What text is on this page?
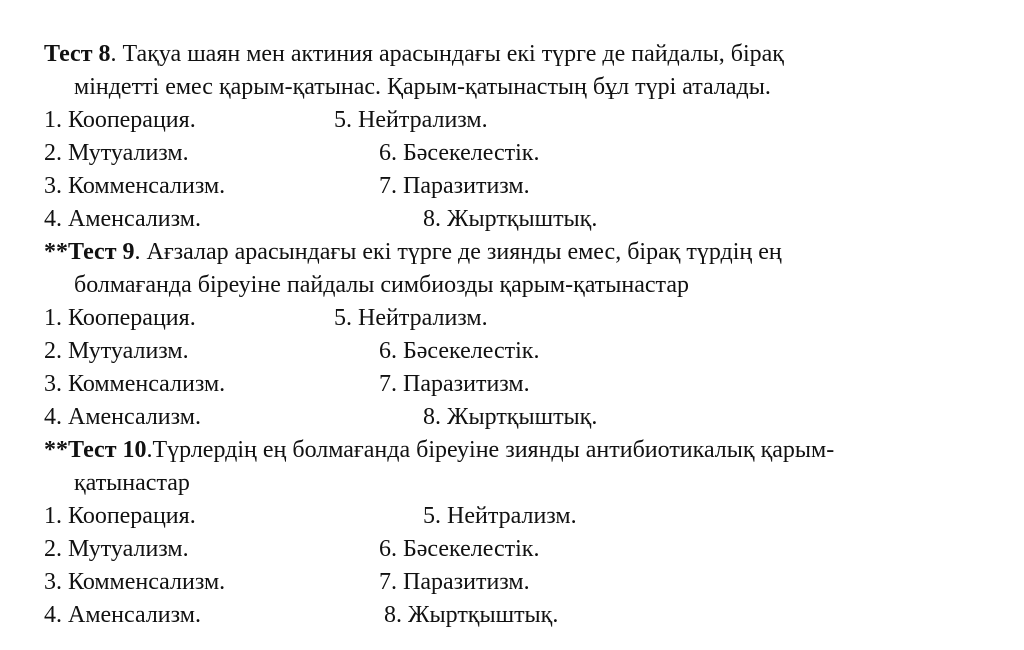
Тест 8. Тақуа шаян мен актиния арасындағы екі түрге де пайдалы, бірақ
міндетті емес қарым-қатынас. Қарым-қатынастың бұл түрі аталады.
1. Кооперация.	5. Нейтрализм.
2. Мутуализм.	6. Бәсекелестік.
3. Комменсализм.	7. Паразитизм.
4. Аменсализм.	8. Жыртқыштық.
**Тест 9. Ағзалар арасындағы екі түрге де зиянды емес, бірақ түрдің ең
болмағанда біреуіне пайдалы симбиозды қарым-қатынастар
1. Кооперация.	5. Нейтрализм.
2. Мутуализм.	6. Бәсекелестік.
3. Комменсализм.	7. Паразитизм.
4. Аменсализм.	8. Жыртқыштық.
**Тест 10.Түрлердің ең болмағанда біреуіне зиянды антибиотикалық қарым-
қатынастар
1. Кооперация.	5. Нейтрализм.
2. Мутуализм.	6. Бәсекелестік.
3. Комменсализм.	7. Паразитизм.
4. Аменсализм.	8. Жыртқыштық.
